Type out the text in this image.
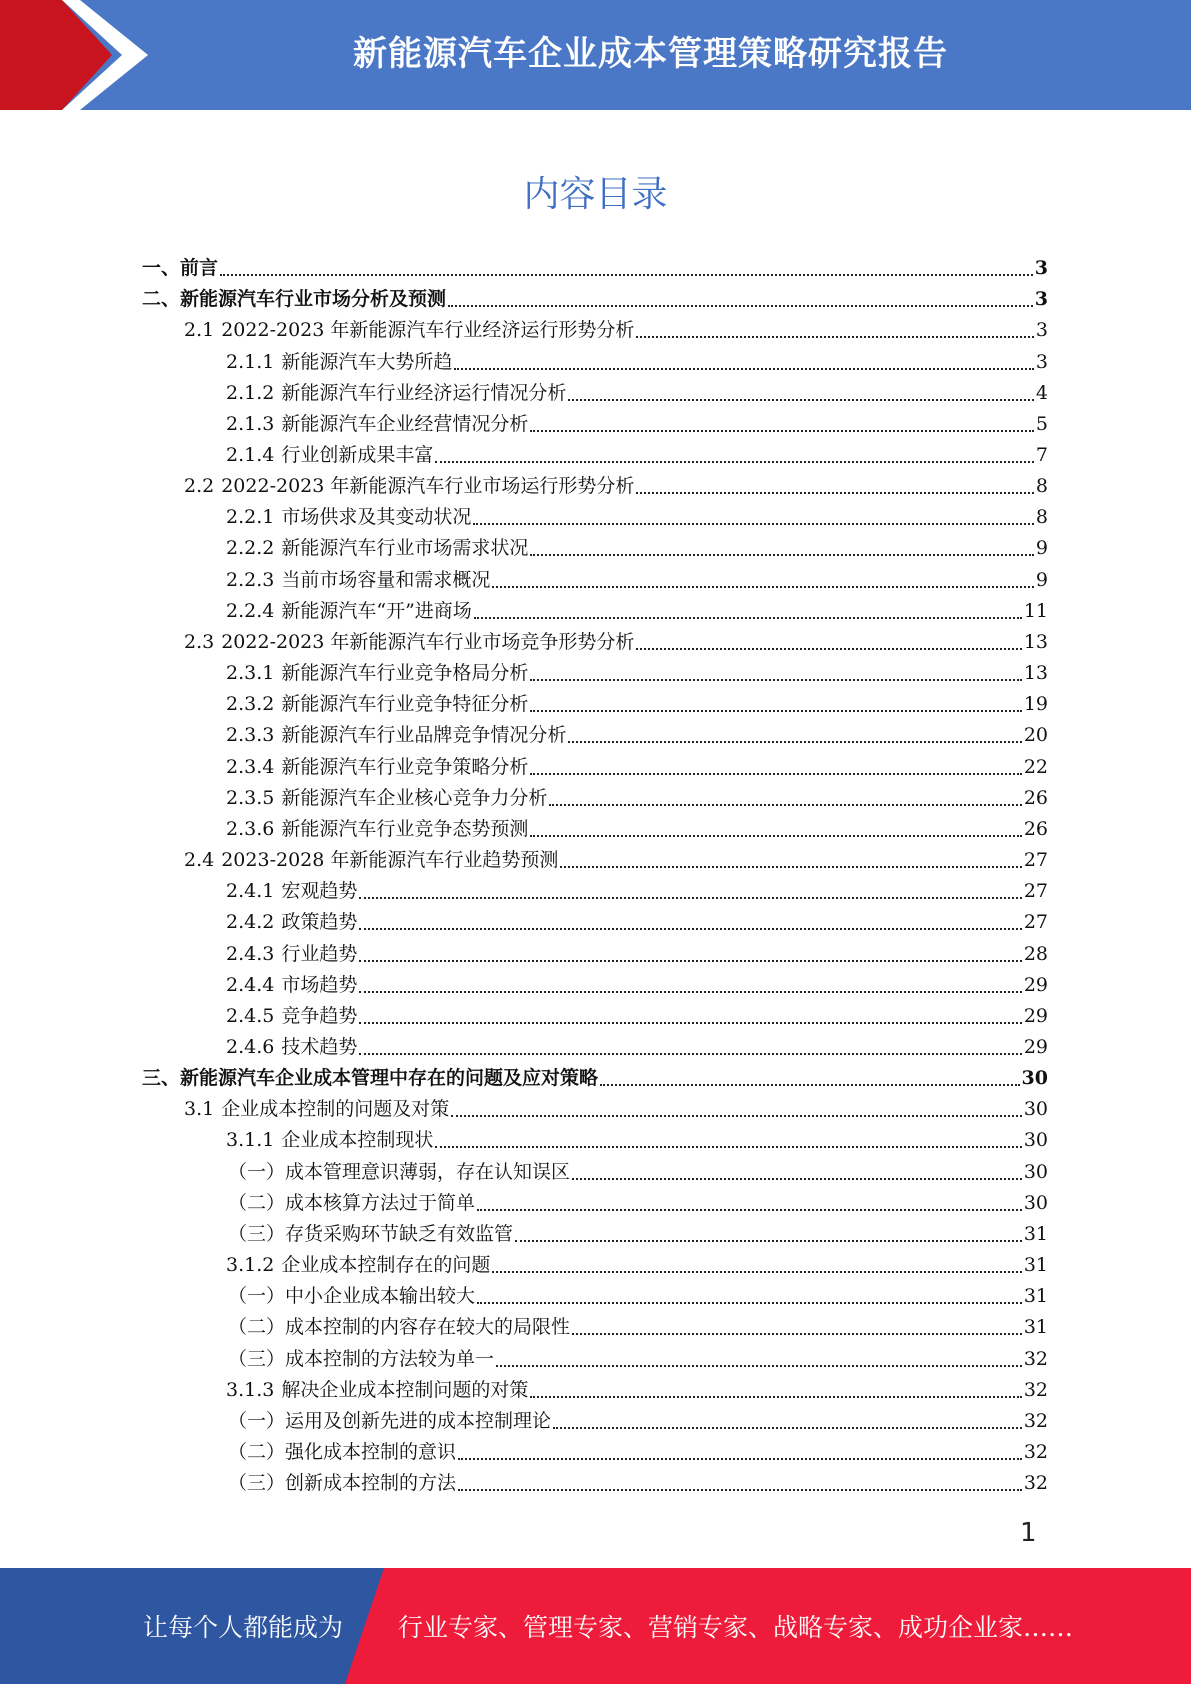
新能源汽车企业成本管理策略研究报告
内容目录
一、前言	3
二、新能源汽车行业市场分析及预测	3
2.1 2022-2023 年新能源汽车行业经济运行形势分析	3
2.1.1 新能源汽车大势所趋	3
2.1.2 新能源汽车行业经济运行情况分析	4
2.1.3 新能源汽车企业经营情况分析	5
2.1.4 行业创新成果丰富	7
2.2 2022-2023 年新能源汽车行业市场运行形势分析	8
2.2.1 市场供求及其变动状况	8
2.2.2 新能源汽车行业市场需求状况	9
2.2.3 当前市场容量和需求概况	9
2.2.4 新能源汽车“开”进商场	11
2.3 2022-2023 年新能源汽车行业市场竞争形势分析	13
2.3.1 新能源汽车行业竞争格局分析	13
2.3.2 新能源汽车行业竞争特征分析	19
2.3.3 新能源汽车行业品牌竞争情况分析	20
2.3.4 新能源汽车行业竞争策略分析	22
2.3.5 新能源汽车企业核心竞争力分析	26
2.3.6 新能源汽车行业竞争态势预测	26
2.4 2023-2028 年新能源汽车行业趋势预测	27
2.4.1 宏观趋势	27
2.4.2 政策趋势	27
2.4.3 行业趋势	28
2.4.4 市场趋势	29
2.4.5 竞争趋势	29
2.4.6 技术趋势	29
三、新能源汽车企业成本管理中存在的问题及应对策略	30
3.1 企业成本控制的问题及对策	30
3.1.1 企业成本控制现状	30
（一）成本管理意识薄弱，存在认知误区	30
（二）成本核算方法过于简单	30
（三）存货采购环节缺乏有效监管	31
3.1.2 企业成本控制存在的问题	31
（一）中小企业成本输出较大	31
（二）成本控制的内容存在较大的局限性	31
（三）成本控制的方法较为单一	32
3.1.3 解决企业成本控制问题的对策	32
（一）运用及创新先进的成本控制理论	32
（二）强化成本控制的意识	32
（三）创新成本控制的方法	32
1
让每个人都能成为 行业专家、管理专家、营销专家、战略专家、成功企业家……
